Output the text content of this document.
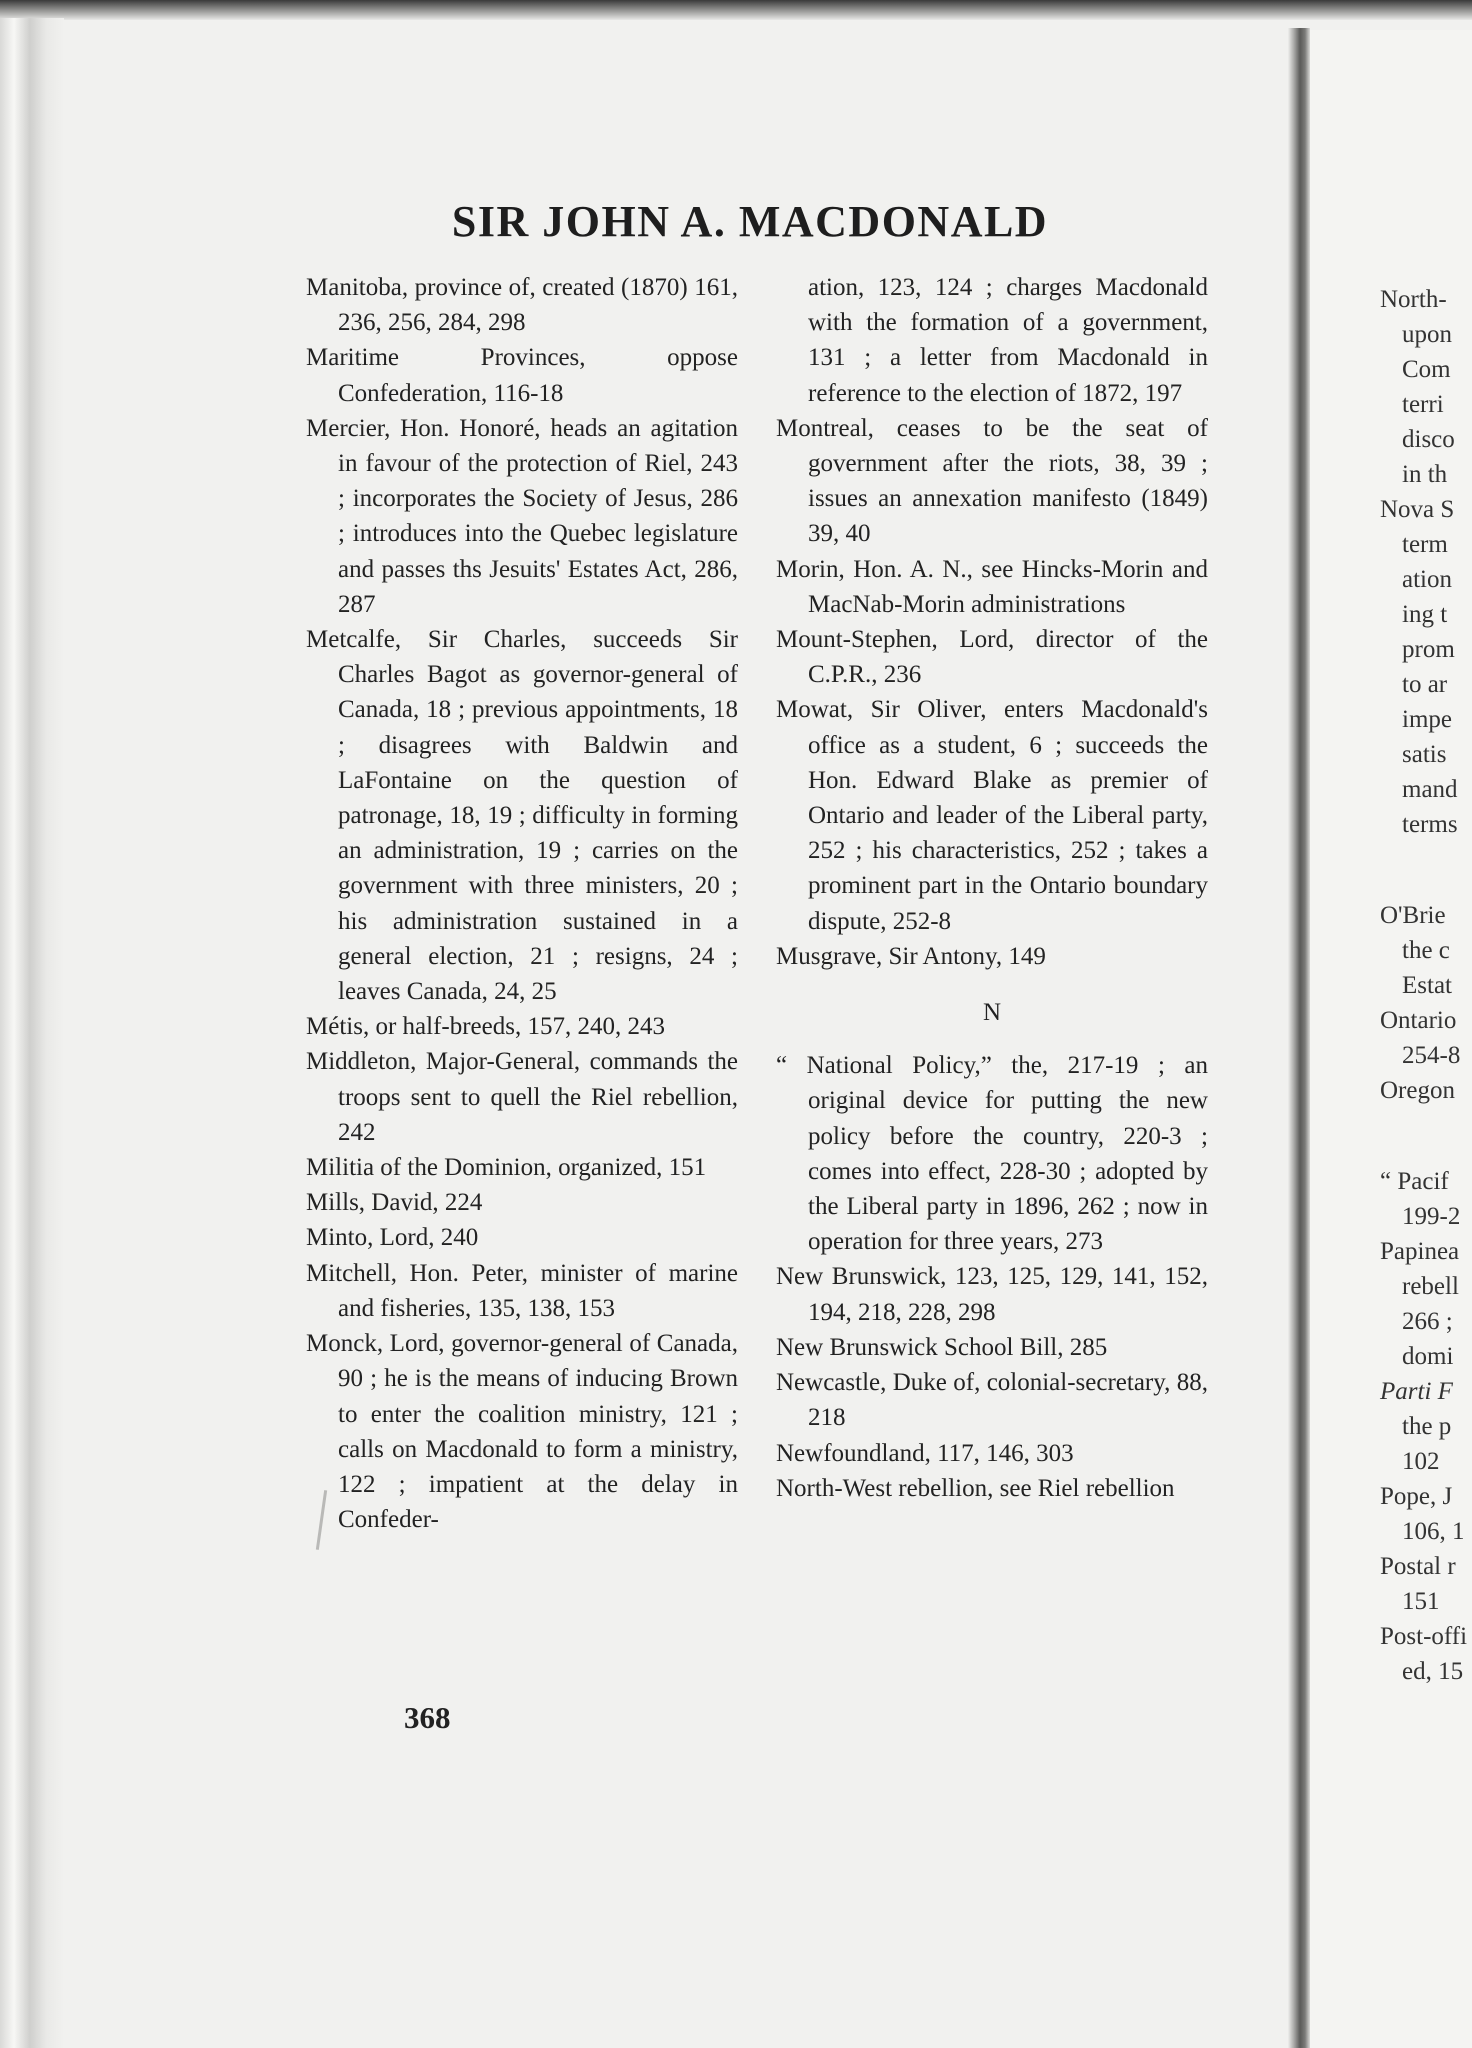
SIR JOHN A. MACDONALD

Manitoba, province of, created (1870) 161, 236, 256, 284, 298

Maritime Provinces, oppose Confederation, 116-18

Mercier, Hon. Honoré, heads an agitation in favour of the protection of Riel, 243 ; incorporates the Society of Jesus, 286 ; introduces into the Quebec legislature and passes ths Jesuits' Estates Act, 286, 287

Metcalfe, Sir Charles, succeeds Sir Charles Bagot as governor-general of Canada, 18 ; previous appointments, 18 ; disagrees with Baldwin and LaFontaine on the question of patronage, 18, 19 ; difficulty in forming an administration, 19 ; carries on the government with three ministers, 20 ; his administration sustained in a general election, 21 ; resigns, 24 ; leaves Canada, 24, 25

Métis, or half-breeds, 157, 240, 243

Middleton, Major-General, commands the troops sent to quell the Riel rebellion, 242

Militia of the Dominion, organized, 151

Mills, David, 224

Minto, Lord, 240

Mitchell, Hon. Peter, minister of marine and fisheries, 135, 138, 153

Monck, Lord, governor-general of Canada, 90 ; he is the means of inducing Brown to enter the coalition ministry, 121 ; calls on Macdonald to form a ministry, 122 ; impatient at the delay in Confeder-

ation, 123, 124 ; charges Macdonald with the formation of a government, 131 ; a letter from Macdonald in reference to the election of 1872, 197

Montreal, ceases to be the seat of government after the riots, 38, 39 ; issues an annexation manifesto (1849) 39, 40

Morin, Hon. A. N., see Hincks-Morin and MacNab-Morin administrations

Mount-Stephen, Lord, director of the C.P.R., 236

Mowat, Sir Oliver, enters Macdonald's office as a student, 6 ; succeeds the Hon. Edward Blake as premier of Ontario and leader of the Liberal party, 252 ; his characteristics, 252 ; takes a prominent part in the Ontario boundary dispute, 252-8

Musgrave, Sir Antony, 149

N

“ National Policy,” the, 217-19 ; an original device for putting the new policy before the country, 220-3 ; comes into effect, 228-30 ; adopted by the Liberal party in 1896, 262 ; now in operation for three years, 273

New Brunswick, 123, 125, 129, 141, 152, 194, 218, 228, 298

New Brunswick School Bill, 285

Newcastle, Duke of, colonial-secretary, 88, 218

Newfoundland, 117, 146, 303

North-West rebellion, see Riel rebellion

368
North-
upon
Com
terri
disco
in th
Nova S
term
ation
ing t
prom
to ar
impe
satis
mand
terms
O'Brie
the c
Estat
Ontario
254-8
Oregon
“ Pacif
199-2
Papinea
rebell
266 ;
domi
Parti F
the p
102
Pope, J
106, 1
Postal r
151
Post-offi
ed, 15
